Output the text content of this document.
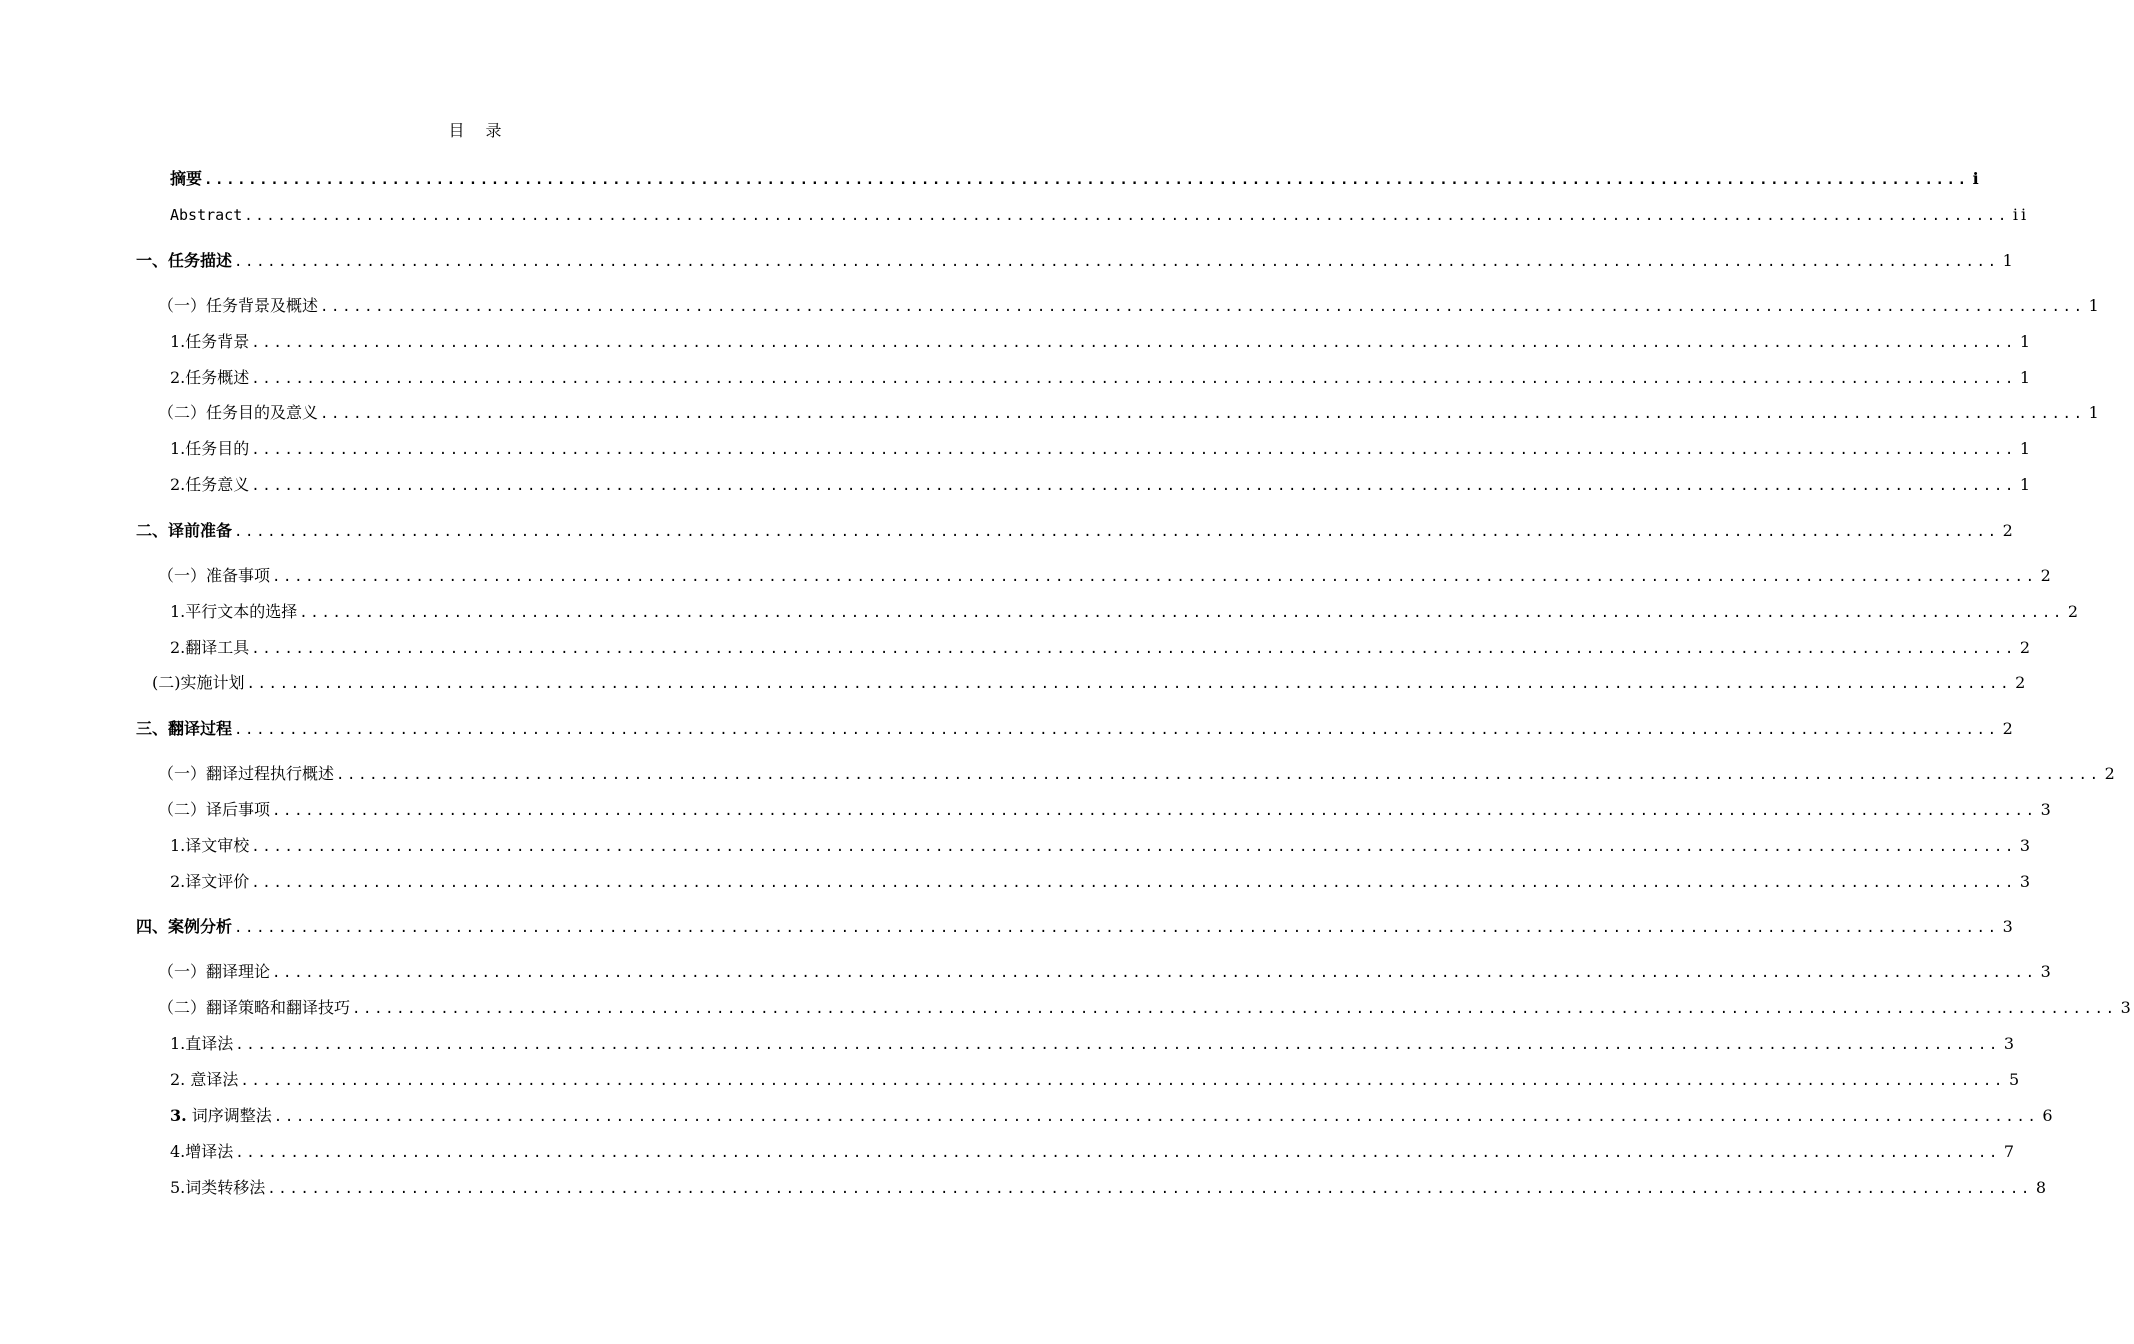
目 录
摘要 ................................................................................................................................................................ i
Abstract ................................................................................................................................................................ ii
一、任务描述 ................................................................................................................................................................ 1
（一）任务背景及概述 ................................................................................................................................................................ 1
1.任务背景 ................................................................................................................................................................ 1
2.任务概述 ................................................................................................................................................................ 1
（二）任务目的及意义 ................................................................................................................................................................ 1
1.任务目的 ................................................................................................................................................................ 1
2.任务意义 ................................................................................................................................................................ 1
二、译前准备 ................................................................................................................................................................ 2
（一）准备事项 ................................................................................................................................................................ 2
1.平行文本的选择 ................................................................................................................................................................ 2
2.翻译工具 ................................................................................................................................................................ 2
(二)实施计划 ................................................................................................................................................................ 2
三、翻译过程 ................................................................................................................................................................ 2
（一）翻译过程执行概述 ................................................................................................................................................................ 2
（二）译后事项 ................................................................................................................................................................ 3
1.译文审校 ................................................................................................................................................................ 3
2.译文评价 ................................................................................................................................................................ 3
四、案例分析 ................................................................................................................................................................ 3
（一）翻译理论 ................................................................................................................................................................ 3
（二）翻译策略和翻译技巧 ................................................................................................................................................................ 3
1.直译法 ................................................................................................................................................................ 3
2. 意译法 ................................................................................................................................................................ 5
3. 词序调整法 ................................................................................................................................................................ 6
4.增译法 ................................................................................................................................................................ 7
5.词类转移法 ................................................................................................................................................................ 8
